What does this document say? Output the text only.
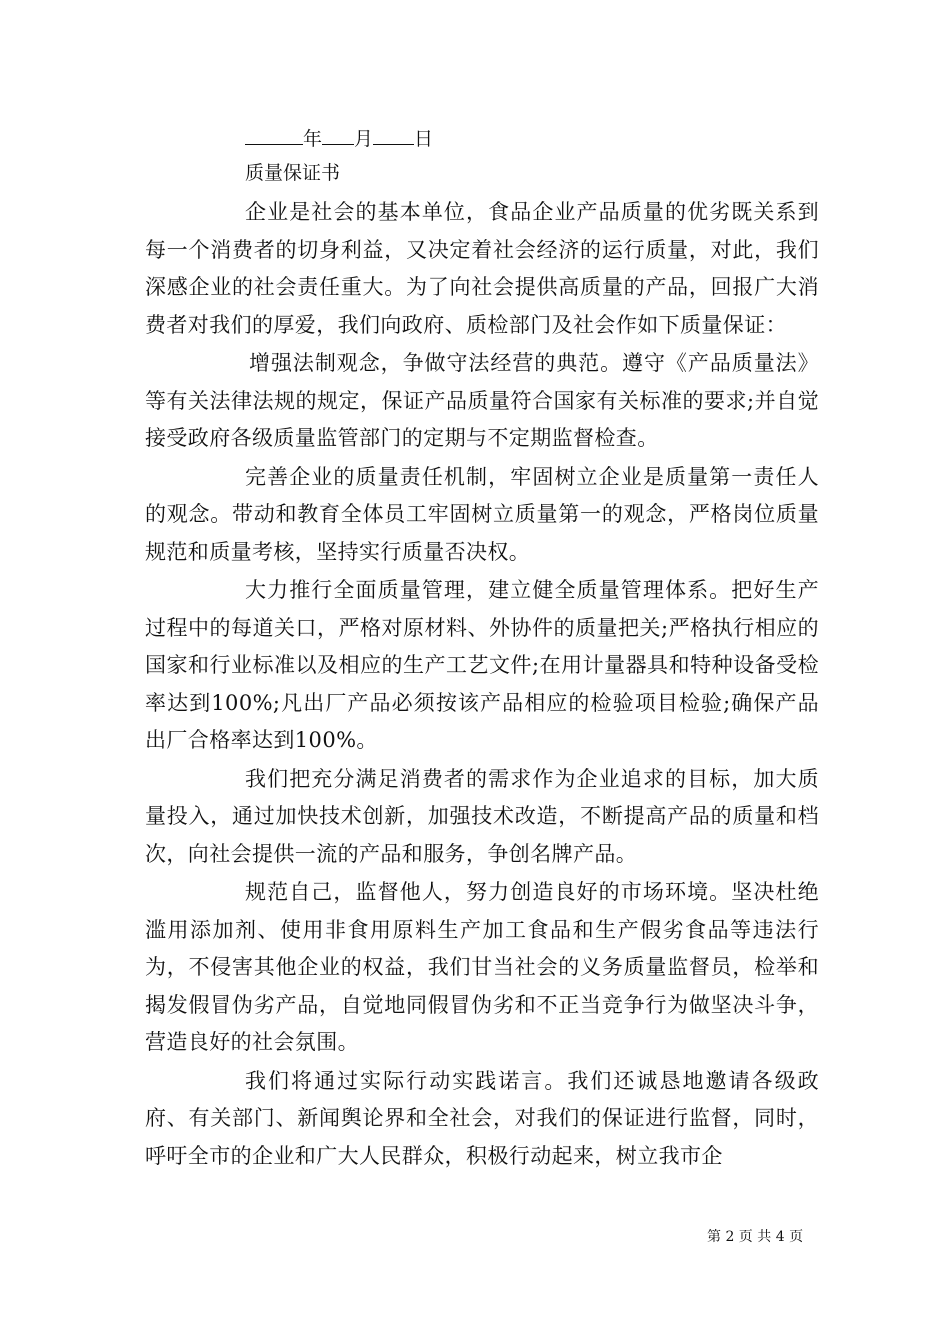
年 月 日
质量保证书

企业是社会的基本单位，食品企业产品质量的优劣既关系到每一个消费者的切身利益，又决定着社会经济的运行质量，对此，我们深感企业的社会责任重大。为了向社会提供高质量的产品，回报广大消费者对我们的厚爱，我们向政府、质检部门及社会作如下质量保证：

增强法制观念，争做守法经营的典范。遵守《产品质量法》等有关法律法规的规定，保证产品质量符合国家有关标准的要求;并自觉接受政府各级质量监管部门的定期与不定期监督检查。

完善企业的质量责任机制，牢固树立企业是质量第一责任人的观念。带动和教育全体员工牢固树立质量第一的观念，严格岗位质量规范和质量考核，坚持实行质量否决权。

大力推行全面质量管理，建立健全质量管理体系。把好生产过程中的每道关口，严格对原材料、外协件的质量把关;严格执行相应的国家和行业标准以及相应的生产工艺文件;在用计量器具和特种设备受检率达到100%;凡出厂产品必须按该产品相应的检验项目检验;确保产品出厂合格率达到100%。

我们把充分满足消费者的需求作为企业追求的目标，加大质量投入，通过加快技术创新，加强技术改造，不断提高产品的质量和档次，向社会提供一流的产品和服务，争创名牌产品。

规范自己，监督他人，努力创造良好的市场环境。坚决杜绝滥用添加剂、使用非食用原料生产加工食品和生产假劣食品等违法行为，不侵害其他企业的权益，我们甘当社会的义务质量监督员，检举和揭发假冒伪劣产品，自觉地同假冒伪劣和不正当竞争行为做坚决斗争，营造良好的社会氛围。

我们将通过实际行动实践诺言。我们还诚恳地邀请各级政府、有关部门、新闻舆论界和全社会，对我们的保证进行监督，同时，呼吁全市的企业和广大人民群众，积极行动起来，树立我市企

第 2 页 共 4 页
